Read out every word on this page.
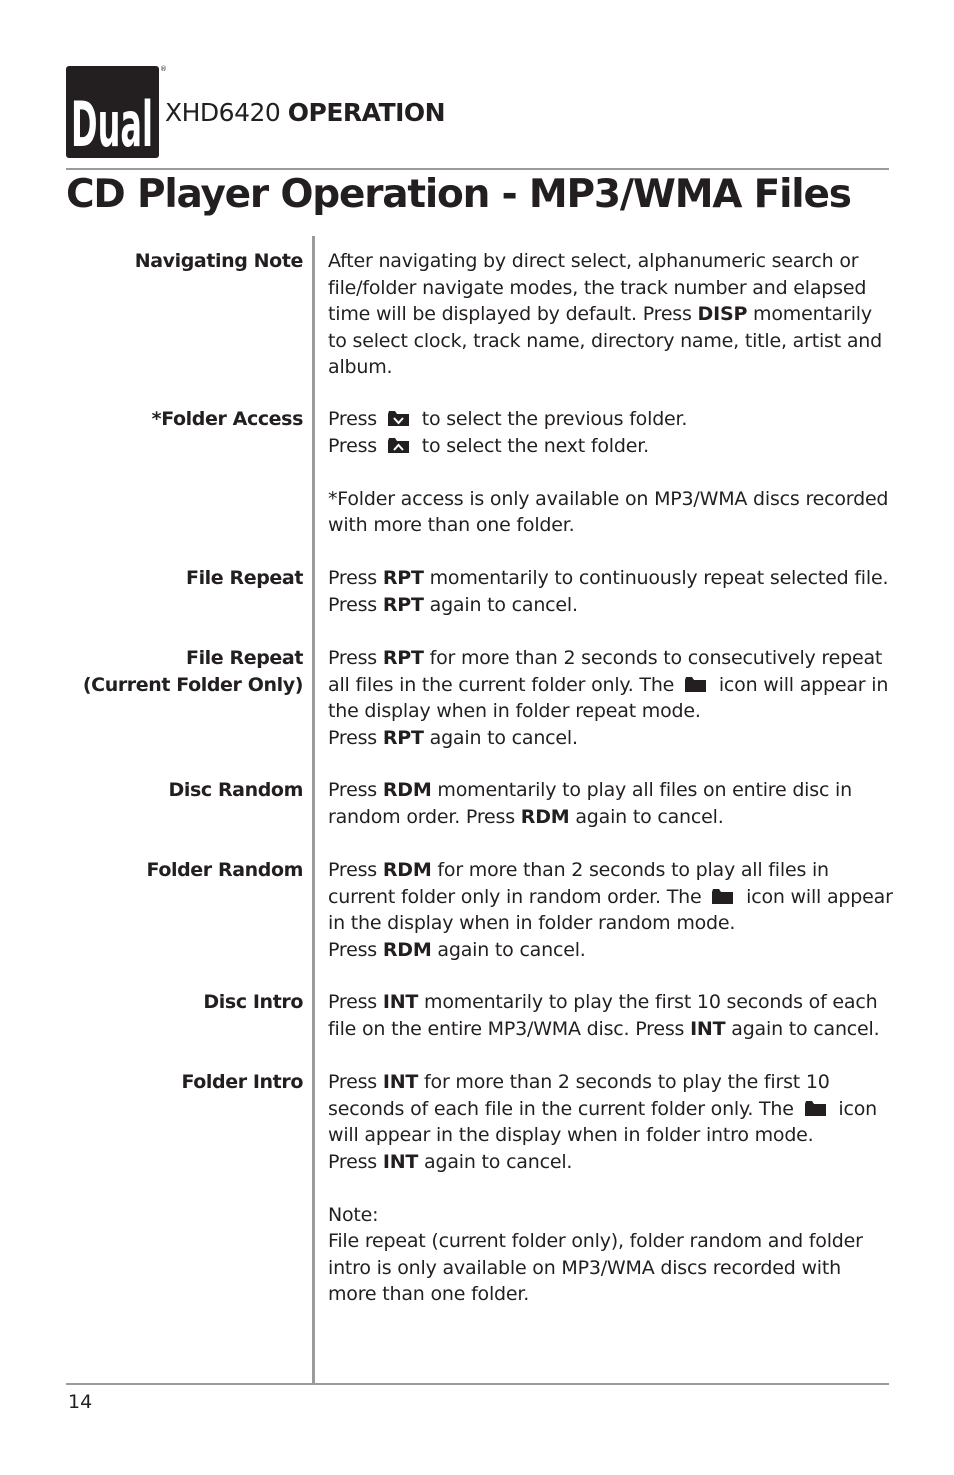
Dual
®
XHD6420 OPERATION
CD Player Operation - MP3/WMA Files
Navigating Note After navigating by direct select, alphanumeric search or
file/folder navigate modes, the track number and elapsed
time will be displayed by default. Press DISP momentarily
to select clock, track name, directory name, title, artist and
album.
*Folder Access Press  to select the previous folder.
Press  to select the next folder.
*Folder access is only available on MP3/WMA discs recorded
with more than one folder.
File Repeat Press RPT momentarily to continuously repeat selected file.
Press RPT again to cancel.
File Repeat
(Current Folder Only)
Press RPT for more than 2 seconds to consecutively repeat
all files in the current folder only. The  icon will appear in
the display when in folder repeat mode.
Press RPT again to cancel.
Disc Random Press RDM momentarily to play all files on entire disc in
random order. Press RDM again to cancel.
Folder Random Press RDM for more than 2 seconds to play all files in
current folder only in random order. The  icon will appear
in the display when in folder random mode.
Press RDM again to cancel.
Disc Intro Press INT momentarily to play the first 10 seconds of each
file on the entire MP3/WMA disc. Press INT again to cancel.
Folder Intro Press INT for more than 2 seconds to play the first 10
seconds of each file in the current folder only. The  icon
will appear in the display when in folder intro mode.
Press INT again to cancel.
Note:
File repeat (current folder only), folder random and folder
intro is only available on MP3/WMA discs recorded with
more than one folder.
14
